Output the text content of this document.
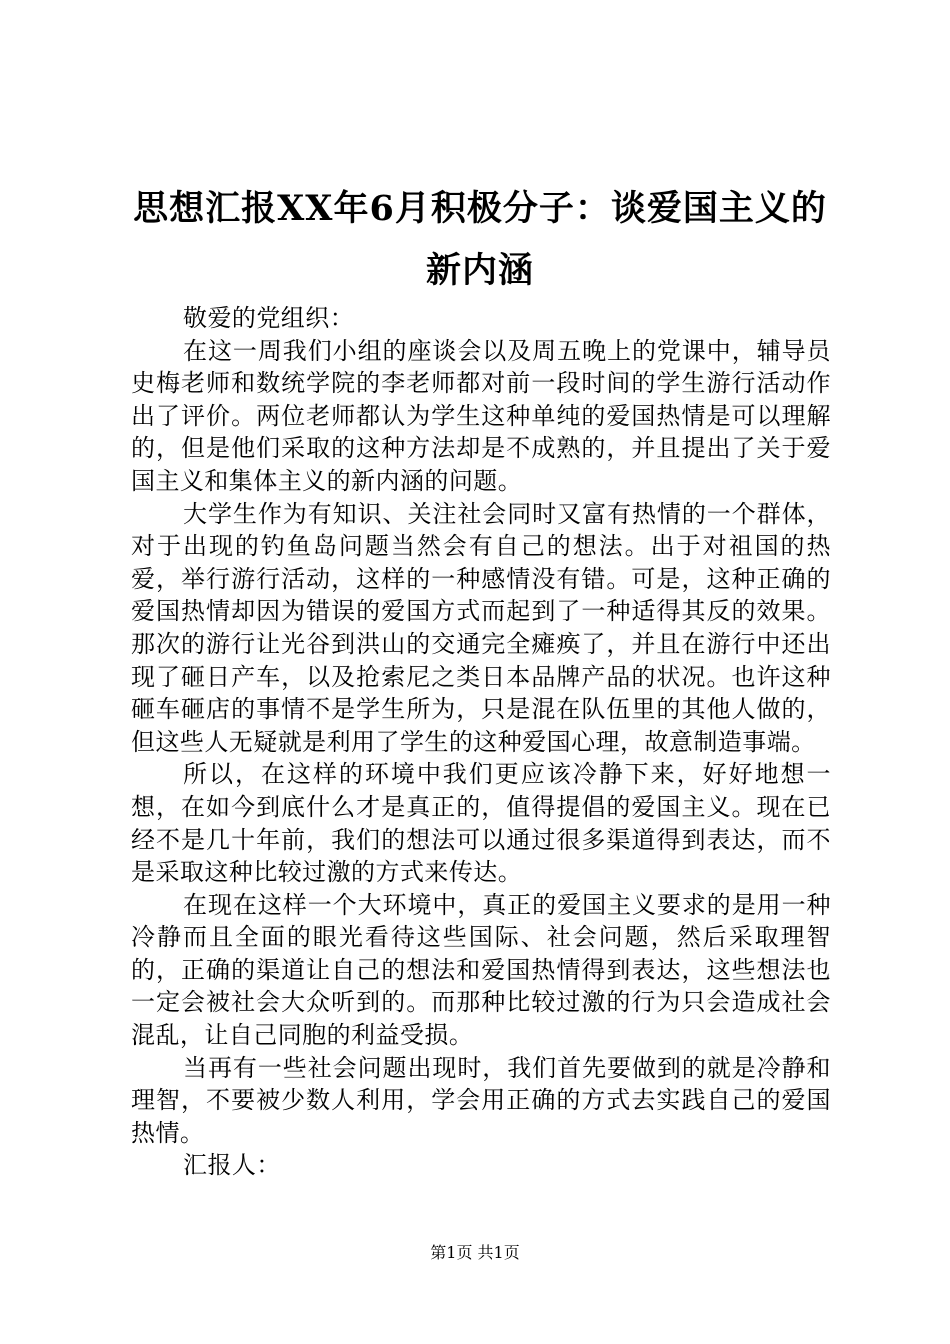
思想汇报XX年6月积极分子：谈爱国主义的新内涵

敬爱的党组织：

在这一周我们小组的座谈会以及周五晚上的党课中，辅导员史梅老师和数统学院的李老师都对前一段时间的学生游行活动作出了评价。两位老师都认为学生这种单纯的爱国热情是可以理解的，但是他们采取的这种方法却是不成熟的，并且提出了关于爱国主义和集体主义的新内涵的问题。

大学生作为有知识、关注社会同时又富有热情的一个群体，对于出现的钓鱼岛问题当然会有自己的想法。出于对祖国的热爱，举行游行活动，这样的一种感情没有错。可是，这种正确的爱国热情却因为错误的爱国方式而起到了一种适得其反的效果。那次的游行让光谷到洪山的交通完全瘫痪了，并且在游行中还出现了砸日产车，以及抢索尼之类日本品牌产品的状况。也许这种砸车砸店的事情不是学生所为，只是混在队伍里的其他人做的，但这些人无疑就是利用了学生的这种爱国心理，故意制造事端。

所以，在这样的环境中我们更应该冷静下来，好好地想一想，在如今到底什么才是真正的，值得提倡的爱国主义。现在已经不是几十年前，我们的想法可以通过很多渠道得到表达，而不是采取这种比较过激的方式来传达。

在现在这样一个大环境中，真正的爱国主义要求的是用一种冷静而且全面的眼光看待这些国际、社会问题，然后采取理智的，正确的渠道让自己的想法和爱国热情得到表达，这些想法也一定会被社会大众听到的。而那种比较过激的行为只会造成社会混乱，让自己同胞的利益受损。

当再有一些社会问题出现时，我们首先要做到的就是冷静和理智，不要被少数人利用，学会用正确的方式去实践自己的爱国热情。

汇报人：

第1页 共1页
